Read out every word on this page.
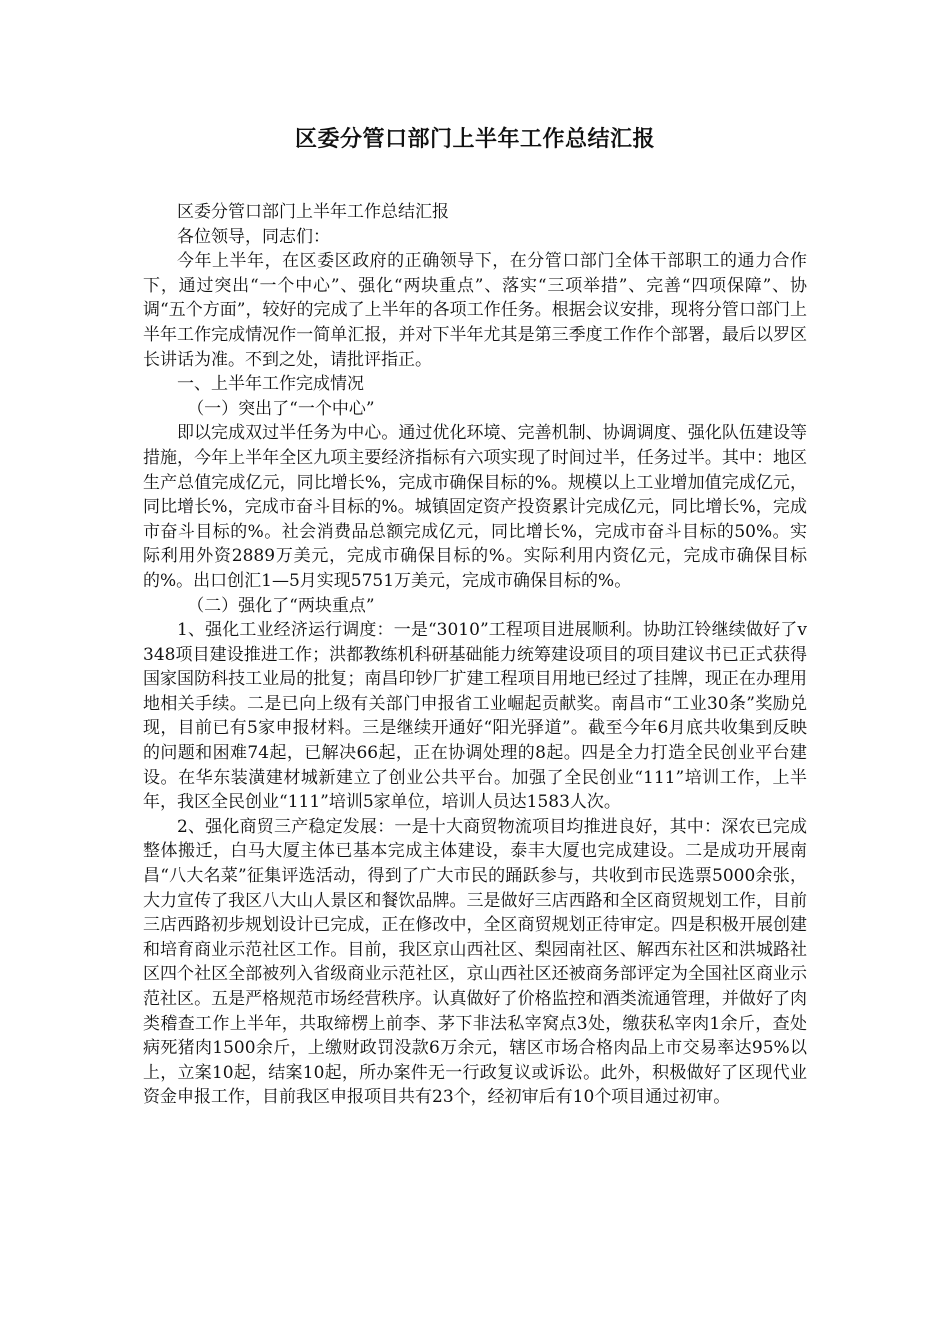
区委分管口部门上半年工作总结汇报

区委分管口部门上半年工作总结汇报

各位领导，同志们：

今年上半年，在区委区政府的正确领导下，在分管口部门全体干部职工的通力合作下，通过突出“一个中心”、强化“两块重点”、落实“三项举措”、完善“四项保障”、协调“五个方面”，较好的完成了上半年的各项工作任务。根据会议安排，现将分管口部门上半年工作完成情况作一简单汇报，并对下半年尤其是第三季度工作作个部署，最后以罗区长讲话为准。不到之处，请批评指正。

一、上半年工作完成情况

（一）突出了“一个中心”

即以完成双过半任务为中心。通过优化环境、完善机制、协调调度、强化队伍建设等措施，今年上半年全区九项主要经济指标有六项实现了时间过半，任务过半。其中：地区生产总值完成亿元，同比增长%，完成市确保目标的%。规模以上工业增加值完成亿元，同比增长%，完成市奋斗目标的%。城镇固定资产投资累计完成亿元，同比增长%，完成市奋斗目标的%。社会消费品总额完成亿元，同比增长%，完成市奋斗目标的50%。实际利用外资2889万美元，完成市确保目标的%。实际利用内资亿元，完成市确保目标的%。出口创汇1—5月实现5751万美元，完成市确保目标的%。

（二）强化了“两块重点”

1、强化工业经济运行调度：一是“3010”工程项目进展顺利。协助江铃继续做好了v348项目建设推进工作；洪都教练机科研基础能力统筹建设项目的项目建议书已正式获得国家国防科技工业局的批复；南昌印钞厂扩建工程项目用地已经过了挂牌，现正在办理用地相关手续。二是已向上级有关部门申报省工业崛起贡献奖。南昌市“工业30条”奖励兑现，目前已有5家申报材料。三是继续开通好“阳光驿道”。截至今年6月底共收集到反映的问题和困难74起，已解决66起，正在协调处理的8起。四是全力打造全民创业平台建设。在华东装潢建材城新建立了创业公共平台。加强了全民创业“111”培训工作，上半年，我区全民创业“111”培训5家单位，培训人员达1583人次。

2、强化商贸三产稳定发展：一是十大商贸物流项目均推进良好，其中：深农已完成整体搬迁，白马大厦主体已基本完成主体建设，泰丰大厦也完成建设。二是成功开展南昌“八大名菜”征集评选活动，得到了广大市民的踊跃参与，共收到市民选票5000余张，大力宣传了我区八大山人景区和餐饮品牌。三是做好三店西路和全区商贸规划工作，目前三店西路初步规划设计已完成，正在修改中，全区商贸规划正待审定。四是积极开展创建和培育商业示范社区工作。目前，我区京山西社区、梨园南社区、解西东社区和洪城路社区四个社区全部被列入省级商业示范社区，京山西社区还被商务部评定为全国社区商业示范社区。五是严格规范市场经营秩序。认真做好了价格监控和酒类流通管理，并做好了肉类稽查工作上半年，共取缔楞上前李、茅下非法私宰窝点3处，缴获私宰肉1余斤，查处病死猪肉1500余斤，上缴财政罚没款6万余元，辖区市场合格肉品上市交易率达95%以上，立案10起，结案10起，所办案件无一行政复议或诉讼。此外，积极做好了区现代业资金申报工作，目前我区申报项目共有23个，经初审后有10个项目通过初审。
